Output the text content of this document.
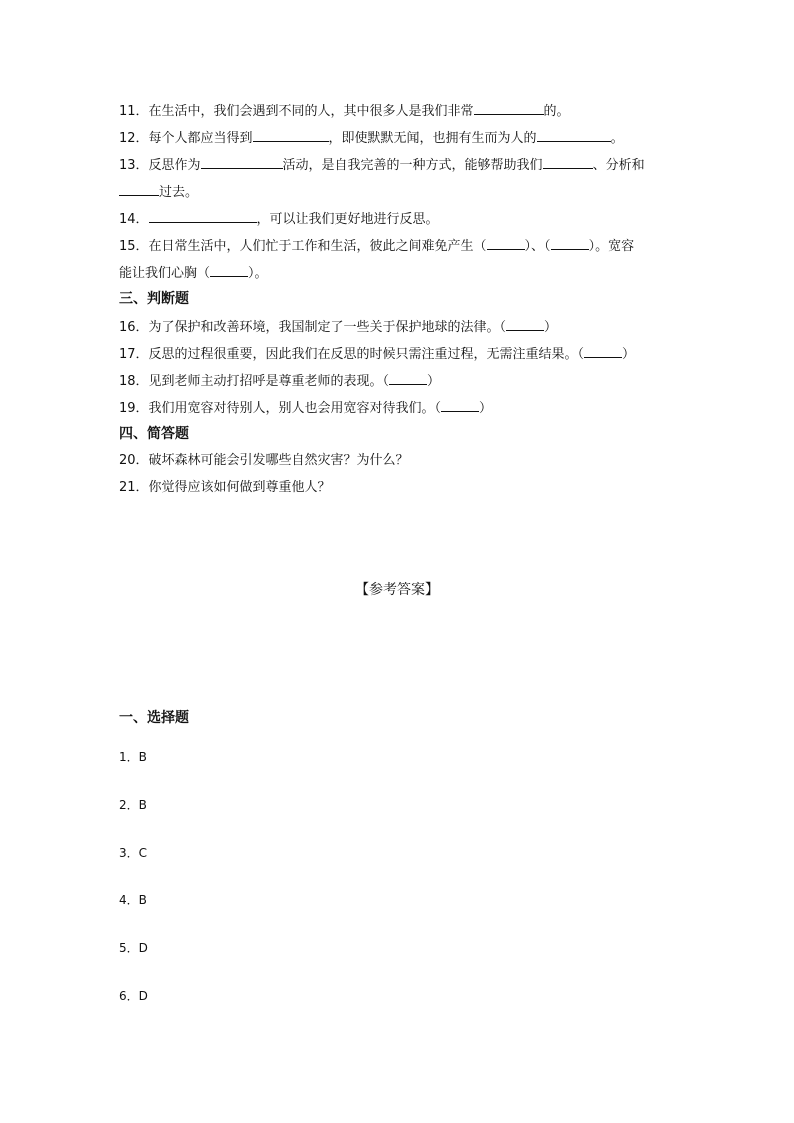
11．在生活中，我们会遇到不同的人，其中很多人是我们非常	的。
12．每个人都应当得到	，即使默默无闻，也拥有生而为人的	。
13．反思作为	活动，是自我完善的一种方式，能够帮助我们	、分析和
过去。
14．	，可以让我们更好地进行反思。
15．在日常生活中，人们忙于工作和生活，彼此之间难免产生（	）、（	）。宽容
能让我们心胸（	）。
三、判断题
16．为了保护和改善环境，我国制定了一些关于保护地球的法律。（	）
17．反思的过程很重要，因此我们在反思的时候只需注重过程，无需注重结果。（	）
18．见到老师主动打招呼是尊重老师的表现。（	）
19．我们用宽容对待别人，别人也会用宽容对待我们。（	）
四、简答题
20．破坏森林可能会引发哪些自然灾害？为什么？
21．你觉得应该如何做到尊重他人？
【参考答案】
一、选择题
1．B
2．B
3．C
4．B
5．D
6．D
